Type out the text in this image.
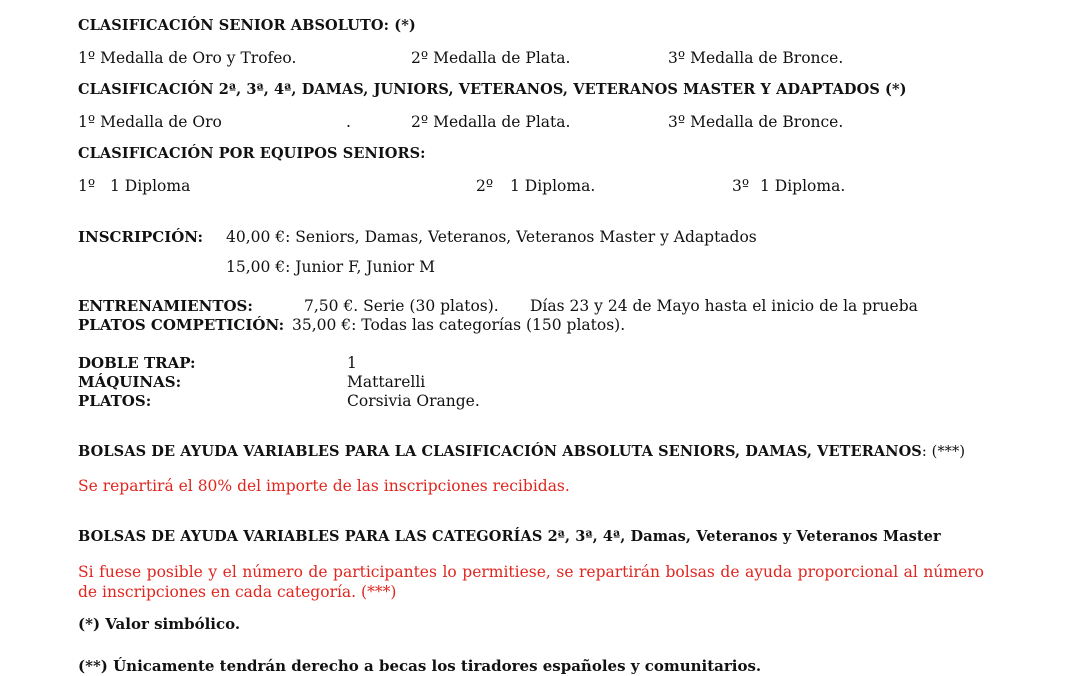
CLASIFICACIÓN SENIOR ABSOLUTO: (*)
1º Medalla de Oro y Trofeo.	2º Medalla de Plata.	3º Medalla de Bronce.
CLASIFICACIÓN 2ª, 3ª, 4ª, DAMAS, JUNIORS, VETERANOS, VETERANOS MASTER Y ADAPTADOS (*)
1º Medalla de Oro	.	2º Medalla de Plata.	3º Medalla de Bronce.
CLASIFICACIÓN POR EQUIPOS SENIORS:
1º 1 Diploma	2º 1 Diploma.	3º 1 Diploma.
INSCRIPCIÓN: 40,00 €: Seniors, Damas, Veteranos, Veteranos Master y Adaptados
15,00 €: Junior F, Junior M
ENTRENAMIENTOS:	7,50 €. Serie (30 platos). Días 23 y 24 de Mayo hasta el inicio de la prueba
PLATOS COMPETICIÓN: 35,00 €: Todas las categorías (150 platos).
DOBLE TRAP:	1
MÁQUINAS:	Mattarelli
PLATOS:	Corsivia Orange.
BOLSAS DE AYUDA VARIABLES PARA LA CLASIFICACIÓN ABSOLUTA SENIORS, DAMAS, VETERANOS: (***)
Se repartirá el 80% del importe de las inscripciones recibidas.
BOLSAS DE AYUDA VARIABLES PARA LAS CATEGORÍAS 2ª, 3ª, 4ª, Damas, Veteranos y Veteranos Master
Si fuese posible y el número de participantes lo permitiese, se repartirán bolsas de ayuda proporcional al número de inscripciones en cada categoría. (***)
(*) Valor simbólico.
(**) Únicamente tendrán derecho a becas los tiradores españoles y comunitarios.
